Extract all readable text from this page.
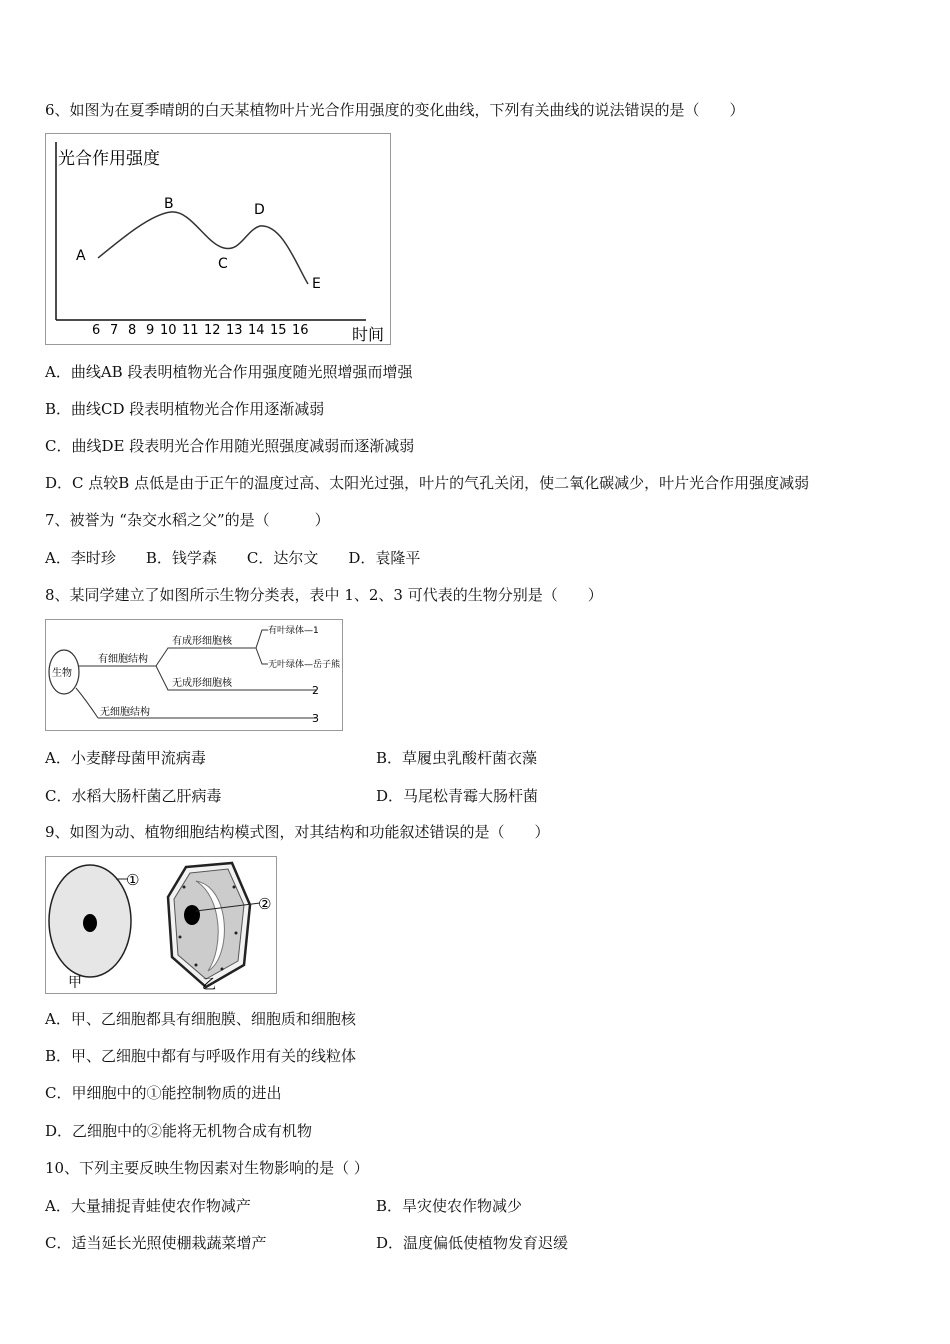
6、如图为在夏季晴朗的白天某植物叶片光合作用强度的变化曲线，下列有关曲线的说法错误的是（　　）
光合作用强度
时间
6 7 8 9 10 11 12 13 14 15 16
A
B
C
D
E
A．曲线AB 段表明植物光合作用强度随光照增强而增强
B．曲线CD 段表明植物光合作用逐渐减弱
C．曲线DE 段表明光合作用随光照强度减弱而逐渐减弱
D．C 点较B 点低是由于正午的温度过高、太阳光过强，叶片的气孔关闭，使二氧化碳减少，叶片光合作用强度减弱
7、被誉为 “杂交水稻之父”的是（　　　）
A．李时珍　　B．钱学森　　C．达尔文　　D．袁隆平
8、某同学建立了如图所示生物分类表，表中 1、2、3 可代表的生物分别是（　　）
生物
有细胞结构
无细胞结构	3
有成形细胞核
无成形细胞核
2
有叶绿体—1
无叶绿体—岳子熊
A．小麦酵母菌甲流病毒	B．草履虫乳酸杆菌衣藻
C．水稻大肠杆菌乙肝病毒	D．马尾松青霉大肠杆菌
9、如图为动、植物细胞结构模式图，对其结构和功能叙述错误的是（　　）
①
②
甲	乙
A．甲、乙细胞都具有细胞膜、细胞质和细胞核
B．甲、乙细胞中都有与呼吸作用有关的线粒体
C．甲细胞中的①能控制物质的进出
D．乙细胞中的②能将无机物合成有机物
10、下列主要反映生物因素对生物影响的是（ ）
A．大量捕捉青蛙使农作物减产	B．旱灾使农作物减少
C．适当延长光照使棚栽蔬菜增产	D．温度偏低使植物发育迟缓
